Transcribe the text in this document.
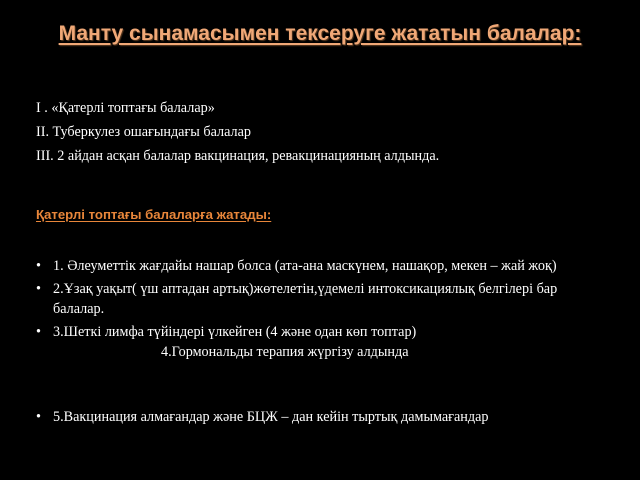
Манту сынамасымен тексеруге жататын балалар:
І . «Қатерлі топтағы балалар»
ІІ. Туберкулез ошағындағы балалар
ІІІ. 2 айдан асқан балалар вакцинация, ревакцинацияның алдында.
Қатерлі топтағы балаларға жатады:
• 1. Әлеуметтік жағдайы нашар болса (ата-ана маскүнем, нашақор, мекен – жай жоқ)
• 2.Ұзақ уақыт( үш аптадан артық)жөтелетін,үдемелі интоксикациялық белгілері бар балалар.
• 3.Шеткі лимфа түйіндері үлкейген (4 және одан көп топтар)
4.Гормональды терапия жүргізу алдында
• 5.Вакцинация алмағандар және БЦЖ – дан кейін тыртық дамымағандар
